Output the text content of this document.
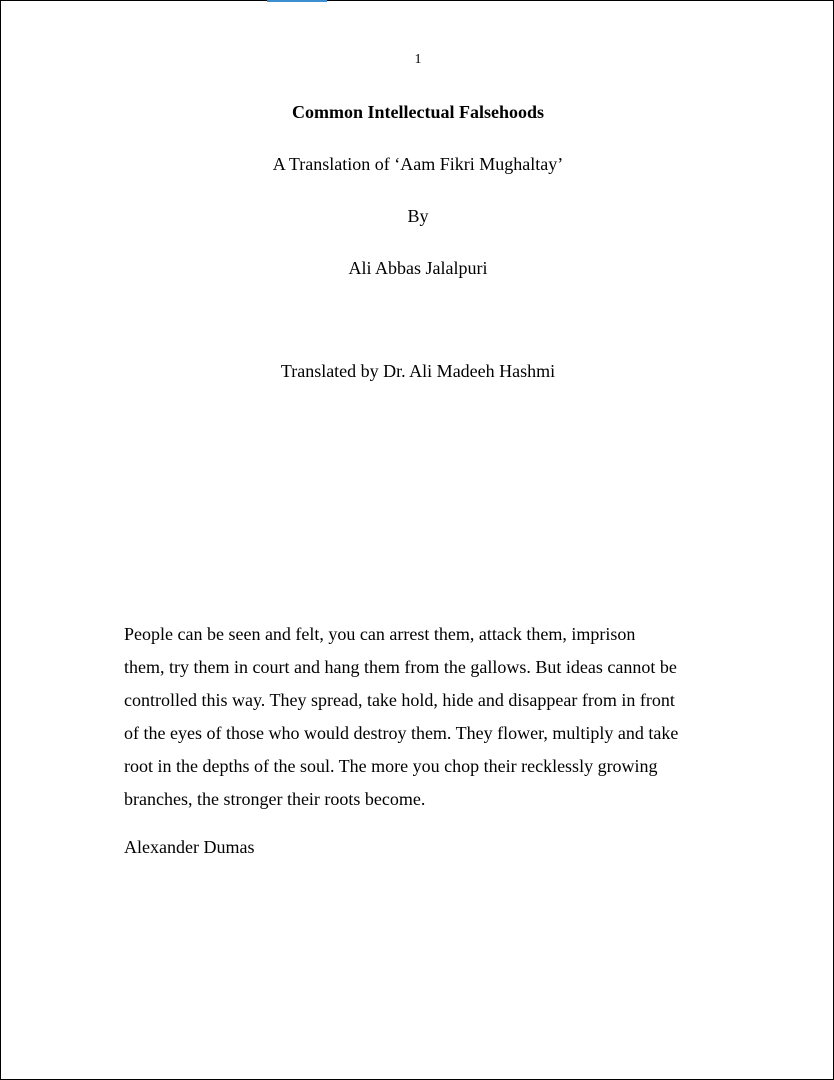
1
Common Intellectual Falsehoods
A Translation of ‘Aam Fikri Mughaltay’
By
Ali Abbas Jalalpuri
Translated by Dr. Ali Madeeh Hashmi

People can be seen and felt, you can arrest them, attack them, imprison
them, try them in court and hang them from the gallows. But ideas cannot be
controlled this way. They spread, take hold, hide and disappear from in front
of the eyes of those who would destroy them. They flower, multiply and take
root in the depths of the soul. The more you chop their recklessly growing
branches, the stronger their roots become.

Alexander Dumas
